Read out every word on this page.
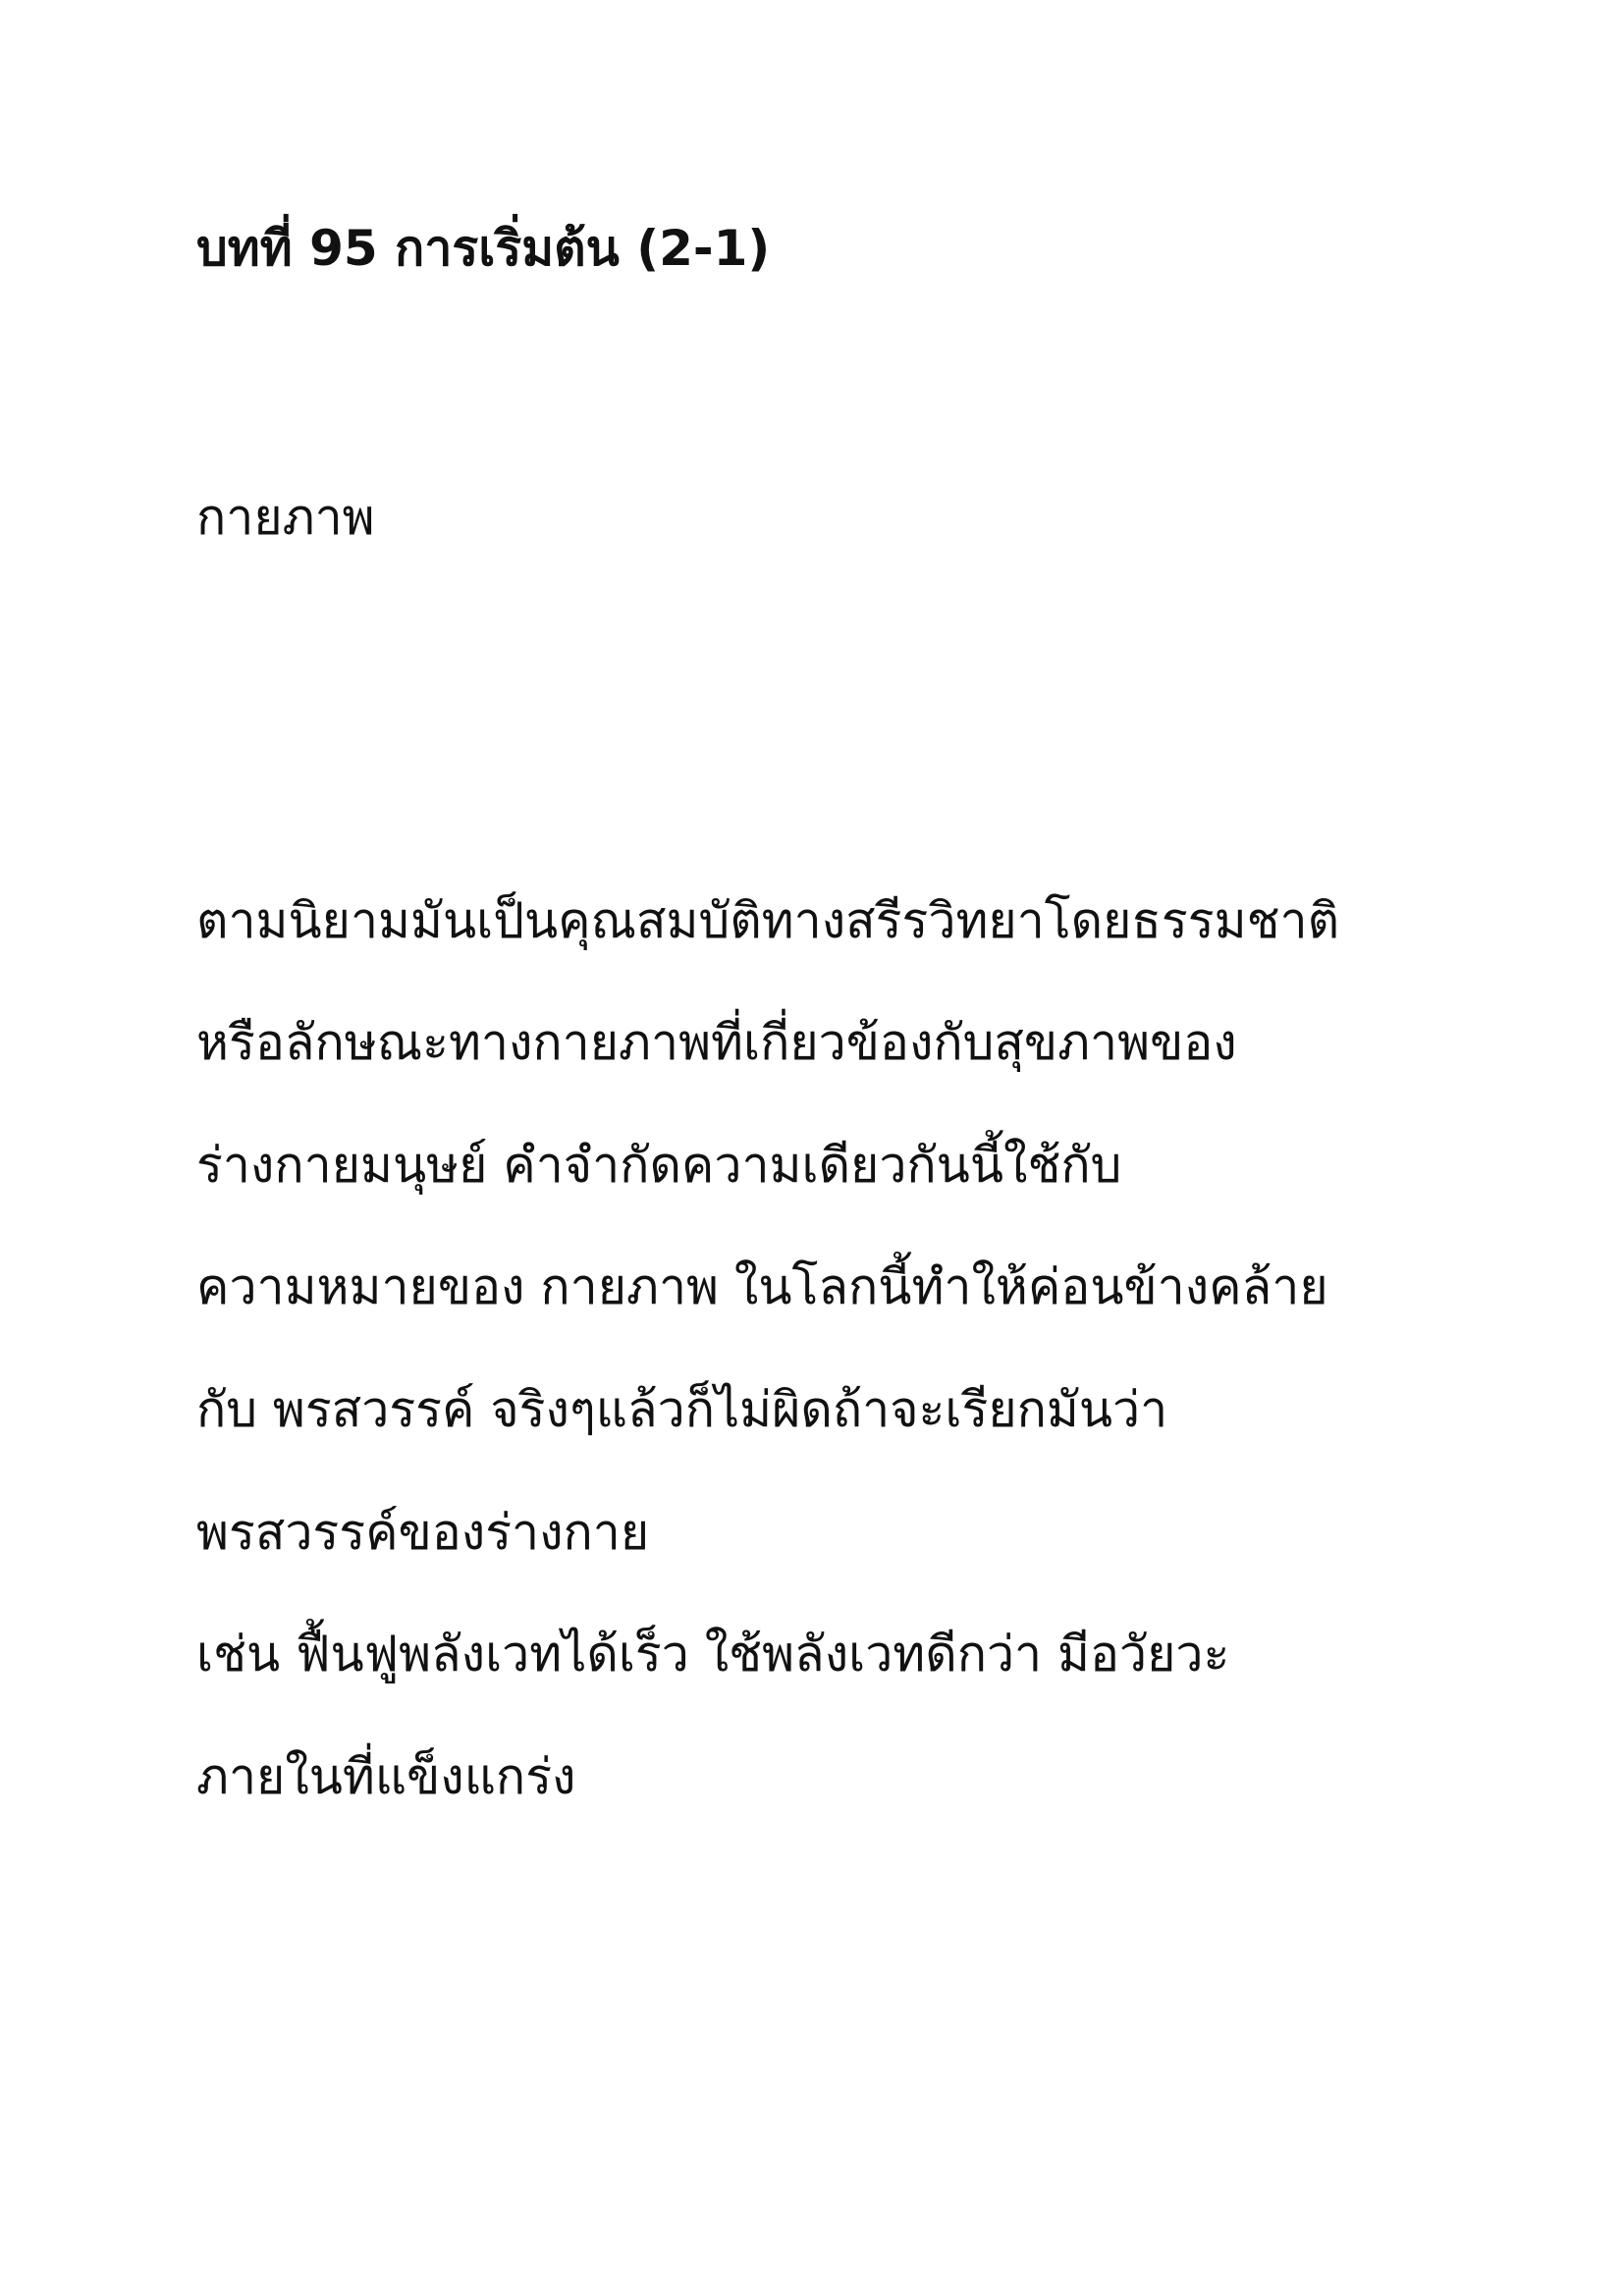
บทที่ 95 การเริ่มต้น (2-1)

กายภาพ

ตามนิยามมันเป็นคุณสมบัติทางสรีรวิทยาโดยธรรมชาติ

หรือลักษณะทางกายภาพที่เกี่ยวข้องกับสุขภาพของ

ร่างกายมนุษย์ คำจำกัดความเดียวกันนี้ใช้กับ

ความหมายของ กายภาพ ในโลกนี้ทำให้ค่อนข้างคล้าย

กับ พรสวรรค์ จริงๆแล้วก็ไม่ผิดถ้าจะเรียกมันว่า

พรสวรรค์ของร่างกาย

เช่น ฟื้นฟูพลังเวทได้เร็ว ใช้พลังเวทดีกว่า มีอวัยวะ

ภายในที่แข็งแกร่ง
